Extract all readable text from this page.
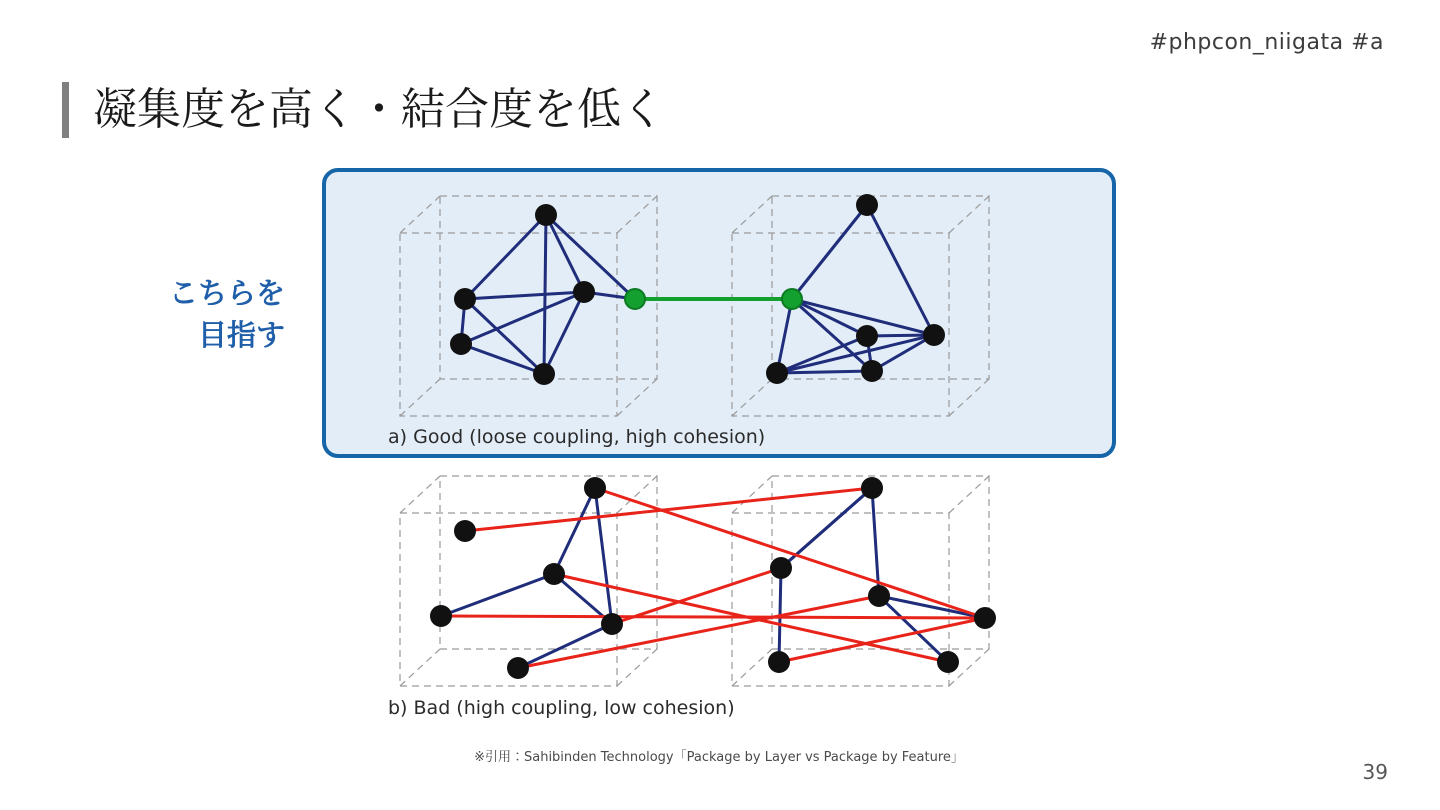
#phpcon_niigata #a
凝集度を高く・結合度を低く
こちらを
目指す
a) Good (loose coupling, high cohesion)
b) Bad (high coupling, low cohesion)
※引用：Sahibinden Technology「Package by Layer vs Package by Feature」
39
